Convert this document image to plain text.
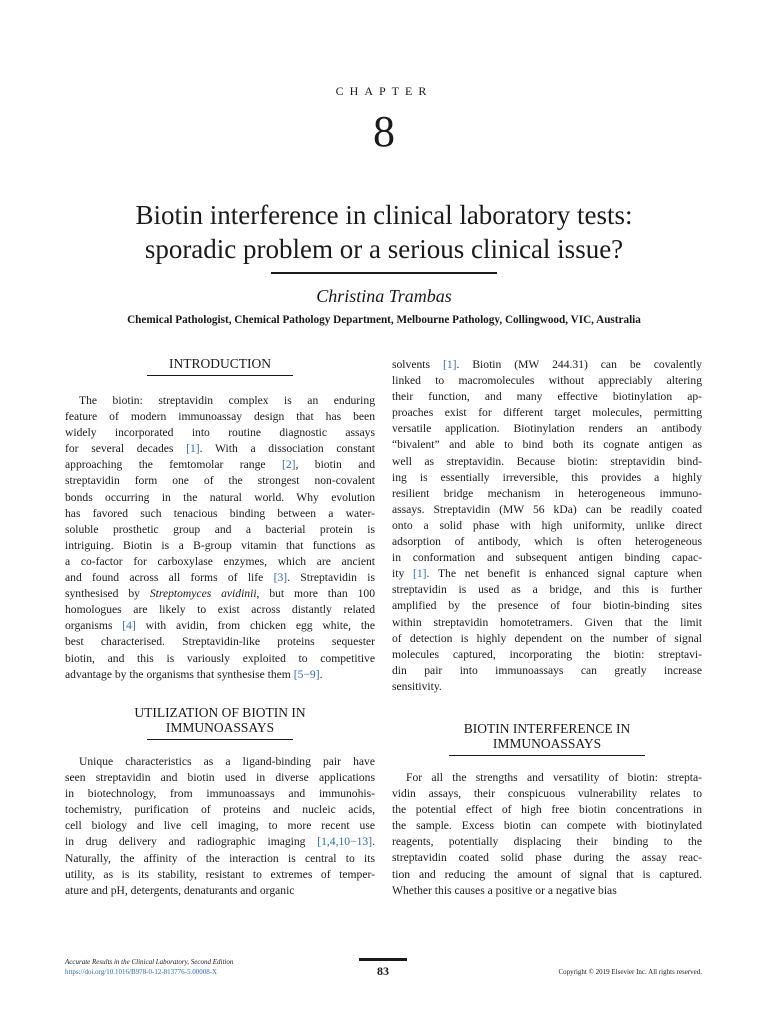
CHAPTER
8
Biotin interference in clinical laboratory tests:
sporadic problem or a serious clinical issue?
Christina Trambas
Chemical Pathologist, Chemical Pathology Department, Melbourne Pathology, Collingwood, VIC, Australia
INTRODUCTION
The biotin: streptavidin complex is an enduring
feature of modern immunoassay design that has been
widely incorporated into routine diagnostic assays
for several decades [1]. With a dissociation constant
approaching the femtomolar range [2], biotin and
streptavidin form one of the strongest non-covalent
bonds occurring in the natural world. Why evolution
has favored such tenacious binding between a water-
soluble prosthetic group and a bacterial protein is
intriguing. Biotin is a B-group vitamin that functions as
a co-factor for carboxylase enzymes, which are ancient
and found across all forms of life [3]. Streptavidin is
synthesised by Streptomyces avidinii, but more than 100
homologues are likely to exist across distantly related
organisms [4] with avidin, from chicken egg white, the
best characterised. Streptavidin-like proteins sequester
biotin, and this is variously exploited to competitive
advantage by the organisms that synthesise them [5−9].
UTILIZATION OF BIOTIN IN
IMMUNOASSAYS
Unique characteristics as a ligand-binding pair have
seen streptavidin and biotin used in diverse applications
in biotechnology, from immunoassays and immunohis-
tochemistry, purification of proteins and nucleic acids,
cell biology and live cell imaging, to more recent use
in drug delivery and radiographic imaging [1,4,10−13].
Naturally, the affinity of the interaction is central to its
utility, as is its stability, resistant to extremes of temper-
ature and pH, detergents, denaturants and organic
solvents [1]. Biotin (MW 244.31) can be covalently
linked to macromolecules without appreciably altering
their function, and many effective biotinylation ap-
proaches exist for different target molecules, permitting
versatile application. Biotinylation renders an antibody
“bivalent” and able to bind both its cognate antigen as
well as streptavidin. Because biotin: streptavidin bind-
ing is essentially irreversible, this provides a highly
resilient bridge mechanism in heterogeneous immuno-
assays. Streptavidin (MW 56 kDa) can be readily coated
onto a solid phase with high uniformity, unlike direct
adsorption of antibody, which is often heterogeneous
in conformation and subsequent antigen binding capac-
ity [1]. The net benefit is enhanced signal capture when
streptavidin is used as a bridge, and this is further
amplified by the presence of four biotin-binding sites
within streptavidin homotetramers. Given that the limit
of detection is highly dependent on the number of signal
molecules captured, incorporating the biotin: streptavi-
din pair into immunoassays can greatly increase
sensitivity.
BIOTIN INTERFERENCE IN
IMMUNOASSAYS
For all the strengths and versatility of biotin: strepta-
vidin assays, their conspicuous vulnerability relates to
the potential effect of high free biotin concentrations in
the sample. Excess biotin can compete with biotinylated
reagents, potentially displacing their binding to the
streptavidin coated solid phase during the assay reac-
tion and reducing the amount of signal that is captured.
Whether this causes a positive or a negative bias
Accurate Results in the Clinical Laboratory, Second Edition
https://doi.org/10.1016/B978-0-12-813776-5.00008-X	83	Copyright © 2019 Elsevier Inc. All rights reserved.
